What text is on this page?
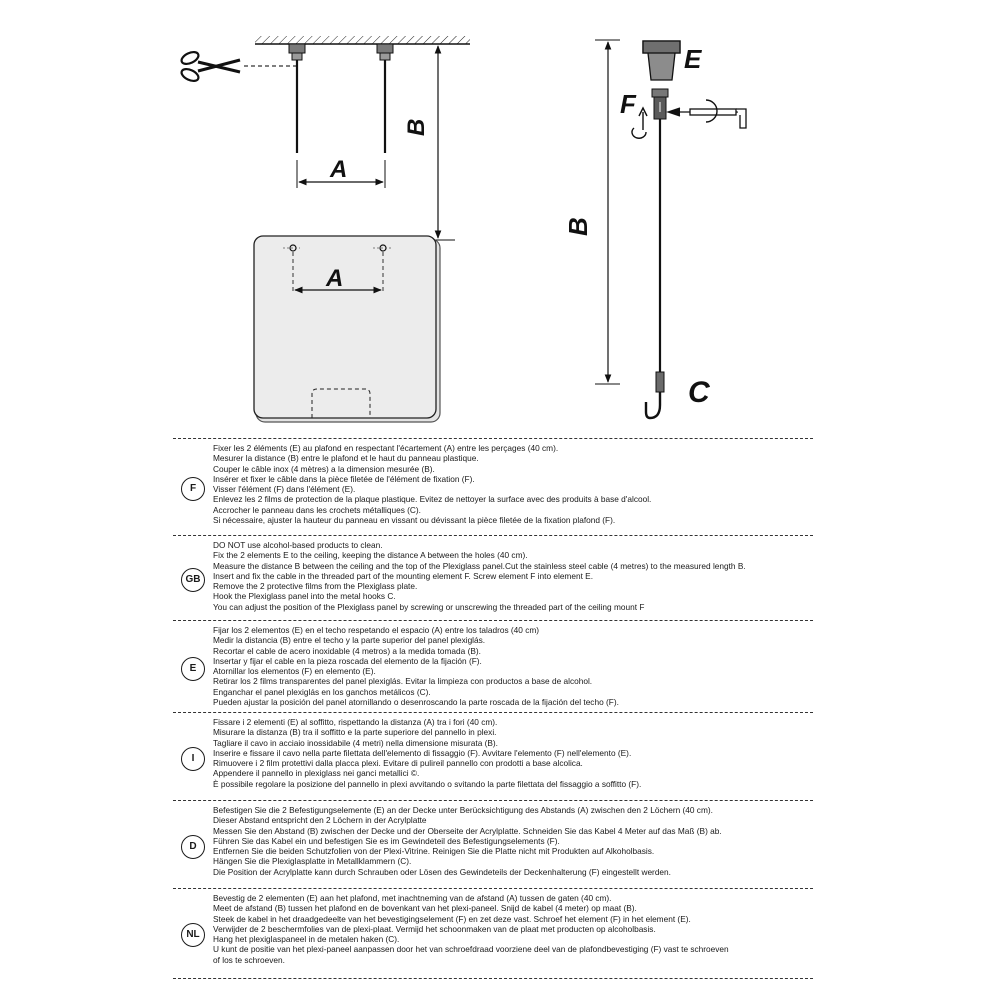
A
B
A
E
F
C
B
F
Fixer les 2 éléments (E) au plafond en respectant l'écartement (A) entre les perçages (40 cm).
Mesurer la distance (B) entre le plafond et le haut du panneau plastique.
Couper le câble inox (4 mètres) a la dimension mesurée (B).
Insérer et fixer le câble dans la pièce filetée de l'élément de fixation (F).
Visser l'élément (F) dans l'élément (E).
Enlevez les 2 films de protection de la plaque plastique. Evitez de nettoyer la surface avec des produits à base d'alcool.
Accrocher le panneau dans les crochets métalliques (C).
Si nécessaire, ajuster la hauteur du panneau en vissant ou dévissant la pièce filetée de la fixation plafond (F).
GB
DO NOT use alcohol-based products to clean.
Fix the 2 elements E to the ceiling, keeping the distance A between the holes (40 cm).
Measure the distance B between the ceiling and the top of the Plexiglass panel.Cut the stainless steel cable (4 metres) to the measured length B.
Insert and fix the cable in the threaded part of the mounting element F. Screw element F into element E.
Remove the 2 protective films from the Plexiglass plate.
Hook the Plexiglass panel into the metal hooks C.
You can adjust the position of the Plexiglass panel by screwing or unscrewing the threaded part of the ceiling mount F
E
Fijar los 2 elementos (E) en el techo respetando el espacio (A) entre los taladros (40 cm)
Medir la distancia (B) entre el techo y la parte superior del panel plexiglás.
Recortar el cable de acero inoxidable (4 metros) a la medida tomada (B).
Insertar y fijar el cable en la pieza roscada del elemento de la fijación (F).
Atornillar los elementos (F) en elemento (E).
Retirar los 2 films transparentes del panel plexiglás. Evitar la limpieza con productos a base de alcohol.
Enganchar el panel plexiglás en los ganchos metálicos (C).
Pueden ajustar la posición del panel atornillando o desenroscando la parte roscada de la fijación del techo (F).
I
Fissare i 2 elementi (E) al soffitto, rispettando la distanza (A) tra i fori (40 cm).
Misurare la distanza (B) tra il soffitto e la parte superiore del pannello in plexi.
Tagliare il cavo in acciaio inossidabile (4 metri) nella dimensione misurata (B).
Inserire e fissare il cavo nella parte filettata dell'elemento di fissaggio (F). Avvitare l'elemento (F) nell'elemento (E).
Rimuovere i 2 film protettivi dalla placca plexi. Evitare di pulireil pannello con prodotti a base alcolica.
Appendere il pannello in plexiglass nei ganci metallici ©.
È possibile regolare la posizione del pannello in plexi avvitando o svitando la parte filettata del fissaggio a soffitto (F).
D
Befestigen Sie die 2 Befestigungselemente (E) an der Decke unter Berücksichtigung des Abstands (A) zwischen den 2 Löchern (40 cm).
Dieser Abstand entspricht den 2 Löchern in der Acrylplatte
Messen Sie den Abstand (B) zwischen der Decke und der Oberseite der Acrylplatte. Schneiden Sie das Kabel 4 Meter auf das Maß (B) ab.
Führen Sie das Kabel ein und befestigen Sie es im Gewindeteil des Befestigungselements (F).
Entfernen Sie die beiden Schutzfolien von der Plexi-Vitrine. Reinigen Sie die Platte nicht mit Produkten auf Alkoholbasis.
Hängen Sie die Plexiglasplatte in Metallklammern (C).
Die Position der Acrylplatte kann durch Schrauben oder Lösen des Gewindeteils der Deckenhalterung (F) eingestellt werden.
NL
Bevestig de 2 elementen (E) aan het plafond, met inachtneming van de afstand (A) tussen de gaten (40 cm).
Meet de afstand (B) tussen het plafond en de bovenkant van het plexi-paneel. Snijd de kabel (4 meter) op maat (B).
Steek de kabel in het draadgedeelte van het bevestigingselement (F) en zet deze vast. Schroef het element (F) in het element (E).
Verwijder de 2 beschermfolies van de plexi-plaat. Vermijd het schoonmaken van de plaat met producten op alcoholbasis.
Hang het plexiglaspaneel in de metalen haken (C).
U kunt de positie van het plexi-paneel aanpassen door het van schroefdraad voorziene deel van de plafondbevestiging (F) vast te schroeven
of los te schroeven.
